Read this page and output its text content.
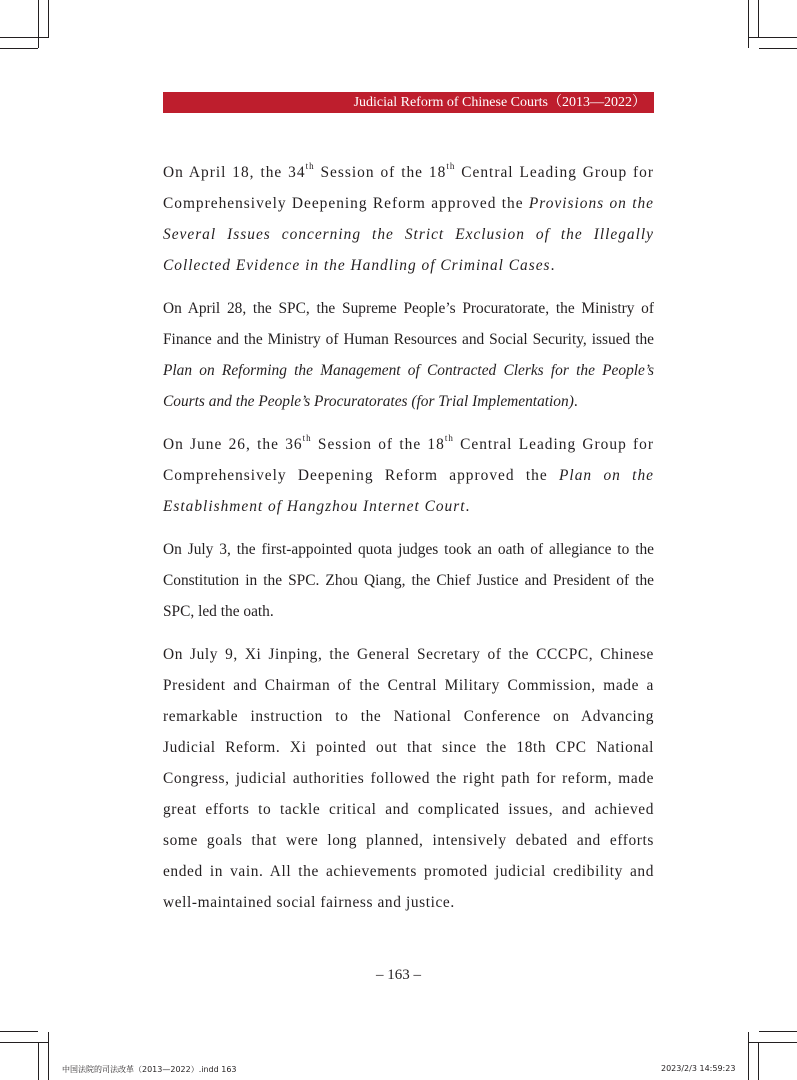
Judicial Reform of Chinese Courts（2013—2022）

On April 18, the 34th Session of the 18th Central Leading Group for Comprehensively Deepening Reform approved the Provisions on the Several Issues concerning the Strict Exclusion of the Illegally Collected Evidence in the Handling of Criminal Cases.

On April 28, the SPC, the Supreme People’s Procuratorate, the Ministry of Finance and the Ministry of Human Resources and Social Security, issued the Plan on Reforming the Management of Contracted Clerks for the People’s Courts and the People’s Procuratorates (for Trial Implementation).

On June 26, the 36th Session of the 18th Central Leading Group for Comprehensively Deepening Reform approved the Plan on the Establishment of Hangzhou Internet Court.

On July 3, the first-appointed quota judges took an oath of allegiance to the Constitution in the SPC. Zhou Qiang, the Chief Justice and President of the SPC, led the oath.

On July 9, Xi Jinping, the General Secretary of the CCCPC, Chinese President and Chairman of the Central Military Commission, made a remarkable instruction to the National Conference on Advancing Judicial Reform. Xi pointed out that since the 18th CPC National Congress, judicial authorities followed the right path for reform, made great efforts to tackle critical and complicated issues, and achieved some goals that were long planned, intensively debated and efforts ended in vain. All the achievements promoted judicial credibility and well-maintained social fairness and justice.

– 163 –
中国法院的司法改革（2013—2022）.indd 163	2023/2/3 14:59:23
